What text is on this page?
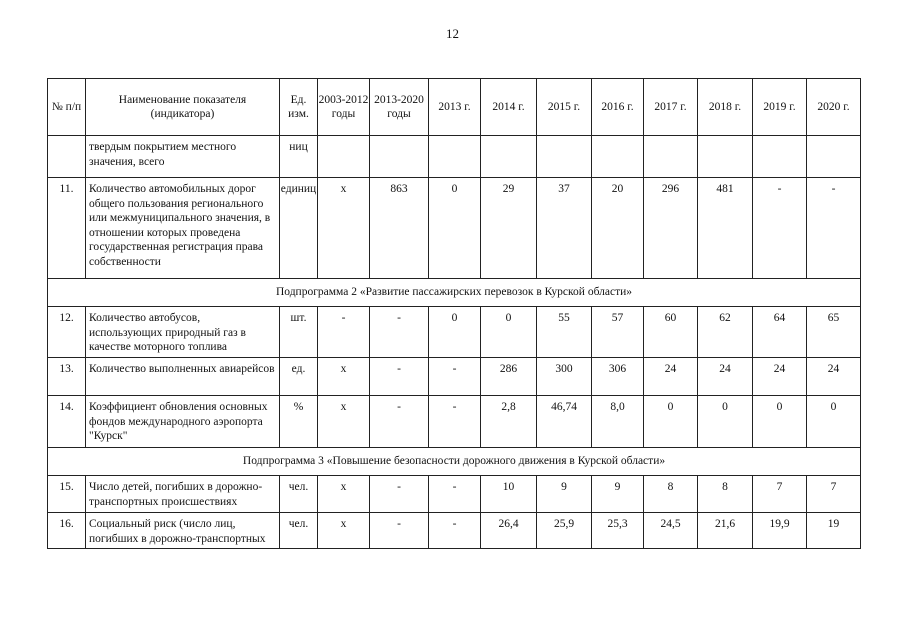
12
№ п/п	Наименование показателя (индикатора)	Ед. изм.	2003-2012 годы	2013-2020 годы	2013 г.	2014 г.	2015 г.	2016 г.	2017 г.	2018 г.	2019 г.	2020 г.
	твердым покрытием местного значения, всего	ниц										
11.	Количество автомобильных дорог общего пользования регионального или межмуниципального значения, в отношении которых проведена государственная регистрация права собственности	единиц	х	863	0	29	37	20	296	481	-	-
Подпрограмма 2 «Развитие пассажирских перевозок в Курской области»												
12.	Количество автобусов, использующих природный газ в качестве моторного топлива	шт.	-	-	0	0	55	57	60	62	64	65
13.	Количество выполненных авиарейсов	ед.	х	-	-	286	300	306	24	24	24	24
14.	Коэффициент обновления основных фондов международного аэропорта "Курск"	%	х	-	-	2,8	46,74	8,0	0	0	0	0
Подпрограмма 3 «Повышение безопасности дорожного движения в Курской области»												
15.	Число детей, погибших в дорожно-транспортных происшествиях	чел.	х	-	-	10	9	9	8	8	7	7
16.	Социальный риск (число лиц, погибших в дорожно-транспортных	чел.	х	-	-	26,4	25,9	25,3	24,5	21,6	19,9	19
